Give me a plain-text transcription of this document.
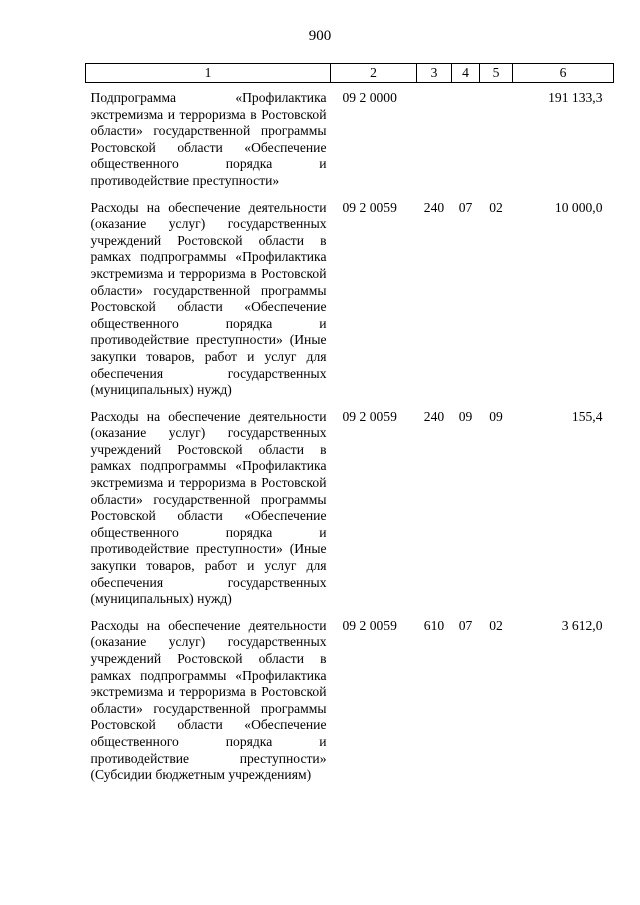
900
1	2	3	4	5	6
Подпрограмма «Профилактика экстремизма и терроризма в Ростовской области» государственной программы Ростовской области «Обеспечение общественного порядка и противодействие преступности»	09 2 0000				191 133,3
Расходы на обеспечение деятельности (оказание услуг) государственных учреждений Ростовской области в рамках подпрограммы «Профилактика экстремизма и терроризма в Ростовской области» государственной программы Ростовской области «Обеспечение общественного порядка и противодействие преступности» (Иные закупки товаров, работ и услуг для обеспечения государственных (муниципальных) нужд)	09 2 0059	240	07	02	10 000,0
Расходы на обеспечение деятельности (оказание услуг) государственных учреждений Ростовской области в рамках подпрограммы «Профилактика экстремизма и терроризма в Ростовской области» государственной программы Ростовской области «Обеспечение общественного порядка и противодействие преступности» (Иные закупки товаров, работ и услуг для обеспечения государственных (муниципальных) нужд)	09 2 0059	240	09	09	155,4
Расходы на обеспечение деятельности (оказание услуг) государственных учреждений Ростовской области в рамках подпрограммы «Профилактика экстремизма и терроризма в Ростовской области» государственной программы Ростовской области «Обеспечение общественного порядка и противодействие преступности» (Субсидии бюджетным учреждениям)	09 2 0059	610	07	02	3 612,0
